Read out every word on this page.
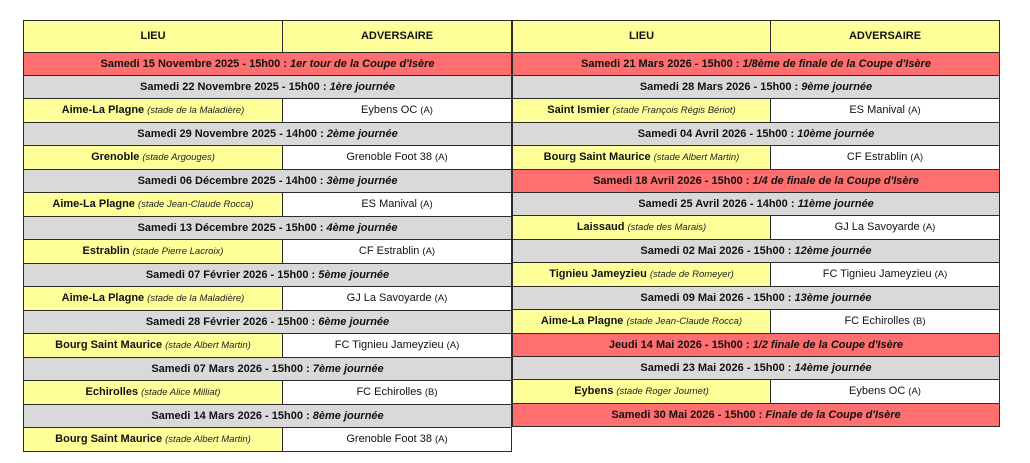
LIEU	ADVERSAIRE
Samedi 15 Novembre 2025 - 15h00 : 1er tour de la Coupe d'Isère	
Samedi 22 Novembre 2025 - 15h00 : 1ère journée	
Aime-La Plagne (stade de la Maladière)	Eybens OC (A)
Samedi 29 Novembre 2025 - 14h00 : 2ème journée	
Grenoble (stade Argouges)	Grenoble Foot 38 (A)
Samedi 06 Décembre 2025 - 14h00 : 3ème journée	
Aime-La Plagne (stade Jean-Claude Rocca)	ES Manival (A)
Samedi 13 Décembre 2025 - 15h00 : 4ème journée	
Estrablin (stade Pierre Lacroix)	CF Estrablin (A)
Samedi 07 Février 2026 - 15h00 : 5ème journée	
Aime-La Plagne (stade de la Maladière)	GJ La Savoyarde (A)
Samedi 28 Février 2026 - 15h00 : 6ème journée	
Bourg Saint Maurice (stade Albert Martin)	FC Tignieu Jameyzieu (A)
Samedi 07 Mars 2026 - 15h00 : 7ème journée	
Echirolles (stade Alice Milliat)	FC Echirolles (B)
Samedi 14 Mars 2026 - 15h00 : 8ème journée	
Bourg Saint Maurice (stade Albert Martin)	Grenoble Foot 38 (A)
LIEU	ADVERSAIRE
Samedi 21 Mars 2026 - 15h00 : 1/8ème de finale de la Coupe d'Isère	
Samedi 28 Mars 2026 - 15h00 : 9ème journée	
Saint Ismier (stade François Régis Bériot)	ES Manival (A)
Samedi 04 Avril 2026 - 15h00 : 10ème journée	
Bourg Saint Maurice (stade Albert Martin)	CF Estrablin (A)
Samedi 18 Avril 2026 - 15h00 : 1/4 de finale de la Coupe d'Isère	
Samedi 25 Avril 2026 - 14h00 : 11ème journée	
Laissaud (stade des Marais)	GJ La Savoyarde (A)
Samedi 02 Mai 2026 - 15h00 : 12ème journée	
Tignieu Jameyzieu (stade de Romeyer)	FC Tignieu Jameyzieu (A)
Samedi 09 Mai 2026 - 15h00 : 13ème journée	
Aime-La Plagne (stade Jean-Claude Rocca)	FC Echirolles (B)
Jeudi 14 Mai 2026 - 15h00 : 1/2 finale de la Coupe d'Isère	
Samedi 23 Mai 2026 - 15h00 : 14ème journée	
Eybens (stade Roger Journet)	Eybens OC (A)
Samedi 30 Mai 2026 - 15h00 : Finale de la Coupe d'Isère	
